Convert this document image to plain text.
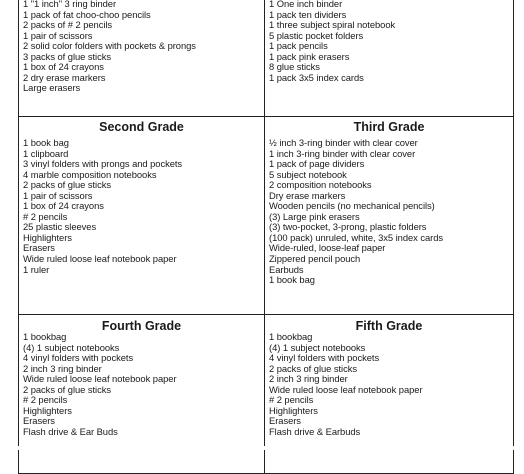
1 "1 inch" 3 ring binder
1 pack of fat choo-choo pencils
2 packs of # 2 pencils
1 pair of scissors
2 solid color folders with pockets & prongs
3 packs of glue sticks
1 box of 24 crayons
2 dry erase markers
Large erasers
1 One inch binder
1 pack ten dividers
1 three subject spiral notebook
5 plastic pocket folders
1 pack pencils
1 pack pink erasers
8 glue sticks
1 pack 3x5 index cards
Second Grade
1 book bag
1 clipboard
3 vinyl folders with prongs and pockets
4 marble composition notebooks
2 packs of glue sticks
1 pair of scissors
1 box of 24 crayons
# 2 pencils
25 plastic sleeves
Highlighters
Erasers
Wide ruled loose leaf notebook paper
1 ruler
Third Grade
½ inch 3-ring binder with clear cover
1 inch 3-ring binder with clear cover
1 pack of page dividers
5 subject notebook
2 composition notebooks
Dry erase markers
Wooden pencils (no mechanical pencils)
(3) Large pink erasers
(3) two-pocket, 3-prong, plastic folders
(100 pack) unruled, white, 3x5 index cards
Wide-ruled, loose-leaf paper
Zippered pencil pouch
Earbuds
1 book bag
Fourth Grade
1 bookbag
(4) 1 subject notebooks
4 vinyl folders with pockets
2 inch 3 ring binder
Wide ruled loose leaf notebook paper
2 packs of glue sticks
# 2 pencils
Highlighters
Erasers
Flash drive & Ear Buds
Fifth Grade
1 bookbag
(4) 1 subject notebooks
4 vinyl folders with pockets
2 packs of glue sticks
2 inch 3 ring binder
Wide ruled loose leaf notebook paper
# 2 pencils
Highlighters
Erasers
Flash drive & Earbuds
